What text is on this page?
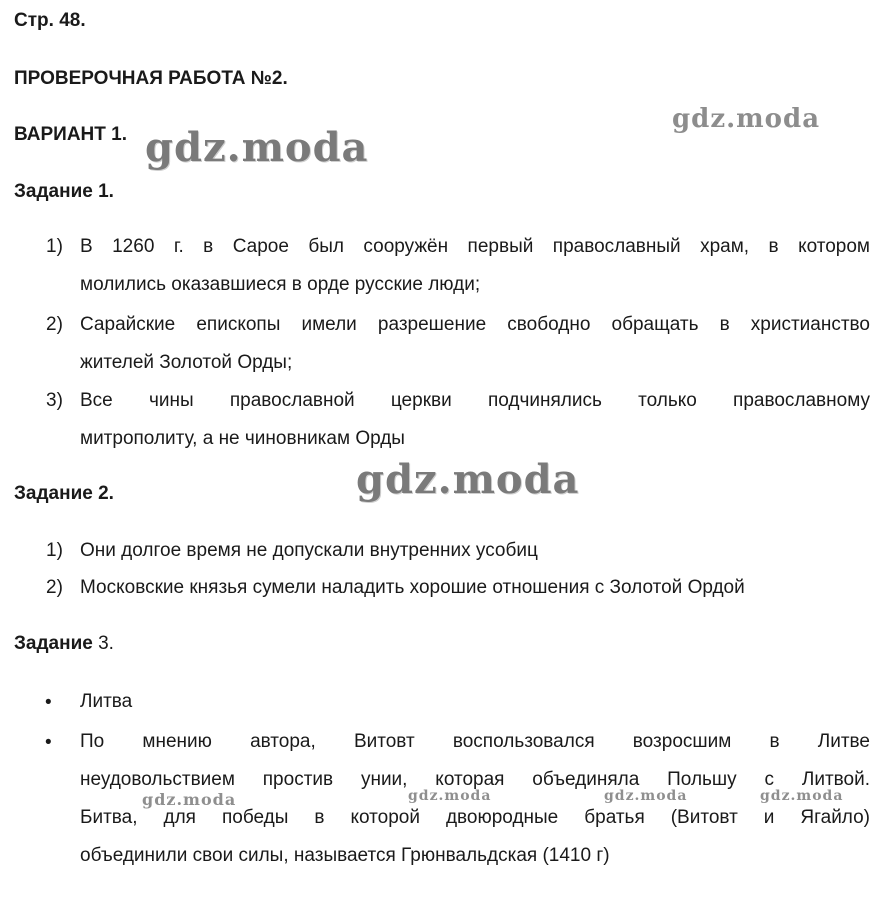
Стр. 48.
ПРОВЕРОЧНАЯ РАБОТА №2.
ВАРИАНТ 1.
Задание 1.
1) В 1260 г. в Сарое был сооружён первый православный храм, в котором

молились оказавшиеся в орде русские люди;

2) Сарайские епископы имели разрешение свободно обращать в христианство

жителей Золотой Орды;

3) Все чины православной церкви подчинялись только православному

митрополиту, а не чиновникам Орды

Задание 2.
1) Они долгое время не допускали внутренних усобиц

2) Московские князья сумели наладить хорошие отношения с Золотой Ордой

Задание 3.
• Литва

• По мнению автора, Витовт воспользовался возросшим в Литве

неудовольствием простив унии, которая объединяла Польшу с Литвой.

Битва, для победы в которой двоюродные братья (Витовт и Ягайло)

объединили свои силы, называется Грюнвальдская (1410 г)

gdz.moda
gdz.moda
gdz.moda
gdz.moda	gdz.moda	gdz.moda	gdz.moda
